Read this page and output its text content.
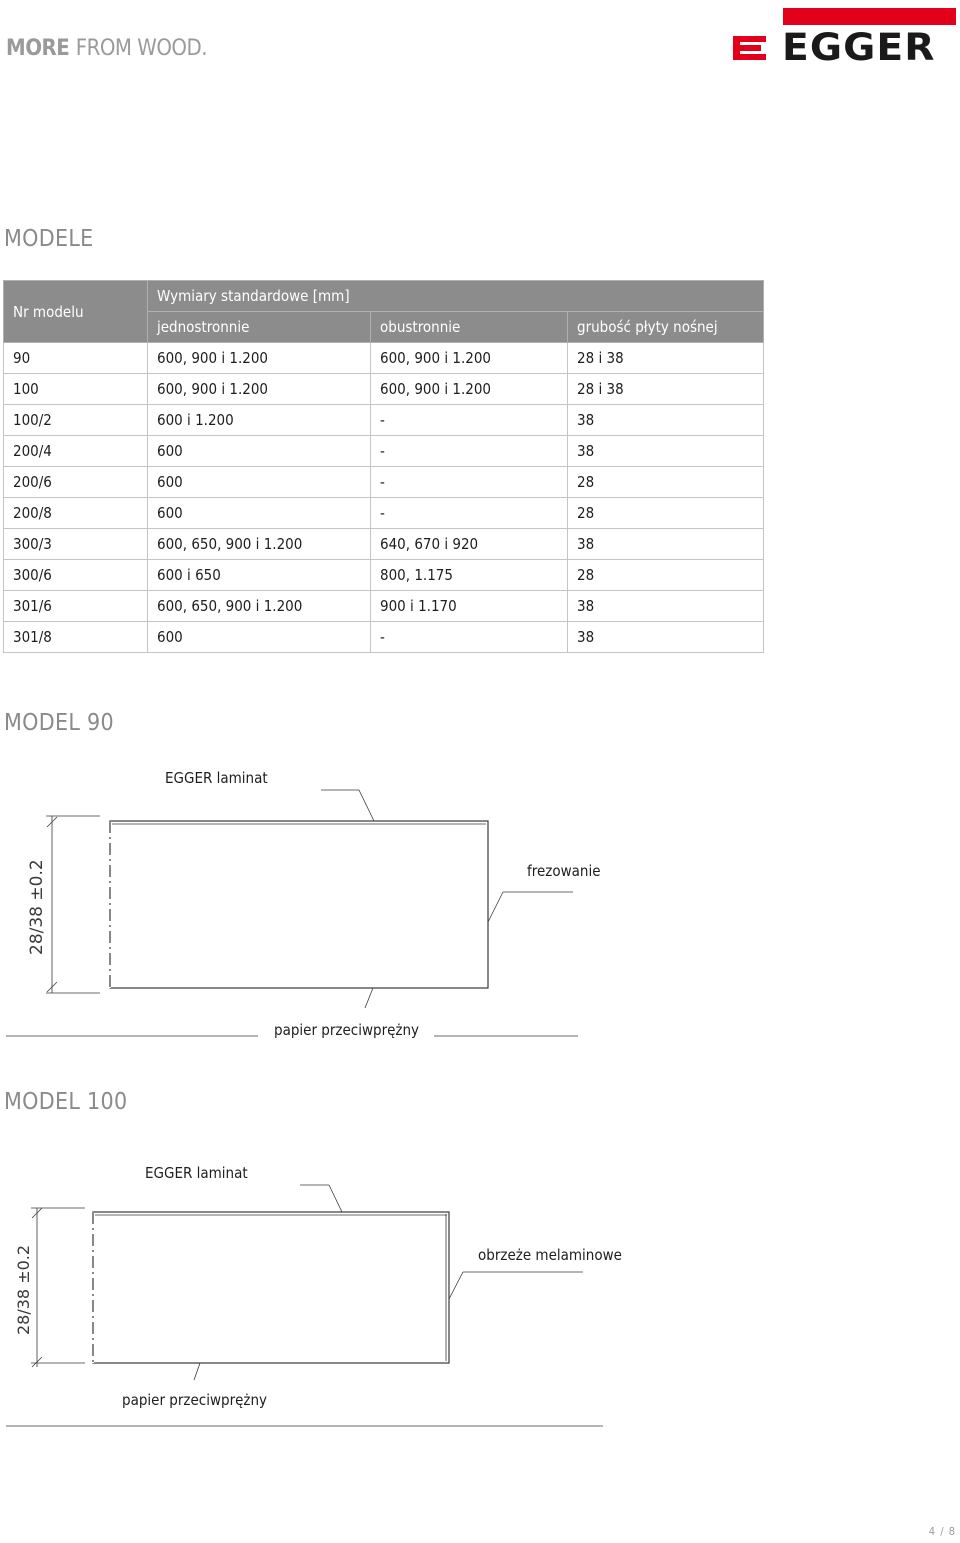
MORE FROM WOOD.	EGGER
MODELE
Nr modelu	Wymiary standardowe [mm]		
	jednostronnie	obustronnie	grubość płyty nośnej
90	600, 900 i 1.200	600, 900 i 1.200	28 i 38
100	600, 900 i 1.200	600, 900 i 1.200	28 i 38
100/2	600 i 1.200	-	38
200/4	600	-	38
200/6	600	-	28
200/8	600	-	28
300/3	600, 650, 900 i 1.200	640, 670 i 920	38
300/6	600 i 650	800, 1.175	28
301/6	600, 650, 900 i 1.200	900 i 1.170	38
301/8	600	-	38
MODEL 90
EGGER laminat
frezowanie
papier przeciwprężny
28/38 ±0.2
MODEL 100
EGGER laminat
obrzeże melaminowe
papier przeciwprężny
28/38 ±0.2
4 / 8
